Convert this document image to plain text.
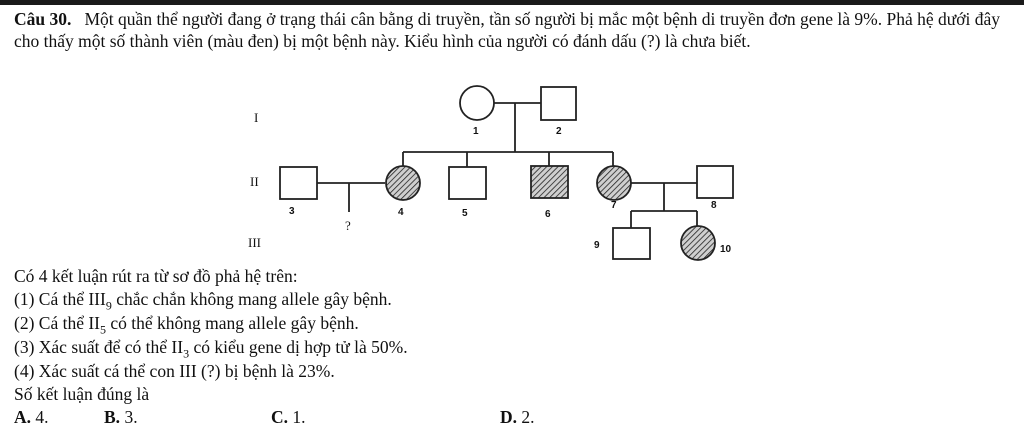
Câu 30. Một quần thể người đang ở trạng thái cân bằng di truyền, tần số người bị mắc một bệnh di truyền đơn gene là 9%. Phả hệ dưới đây cho thấy một số thành viên (màu đen) bị một bệnh này. Kiểu hình của người có đánh dấu (?) là chưa biết.
I
II
III
1	2
3	4	5	6
7	8
9	10
?
Có 4 kết luận rút ra từ sơ đồ phả hệ trên:
(1) Cá thể $III_9$ chắc chắn không mang allele gây bệnh.
(2) Cá thể $II_5$ có thể không mang allele gây bệnh.
(3) Xác suất để có thể $II_3$ có kiểu gene dị hợp tử là 50%.
(4) Xác suất cá thể con III (?) bị bệnh là 23%.
Số kết luận đúng là
A. 4.	B. 3.	C. 1.	D. 2.
